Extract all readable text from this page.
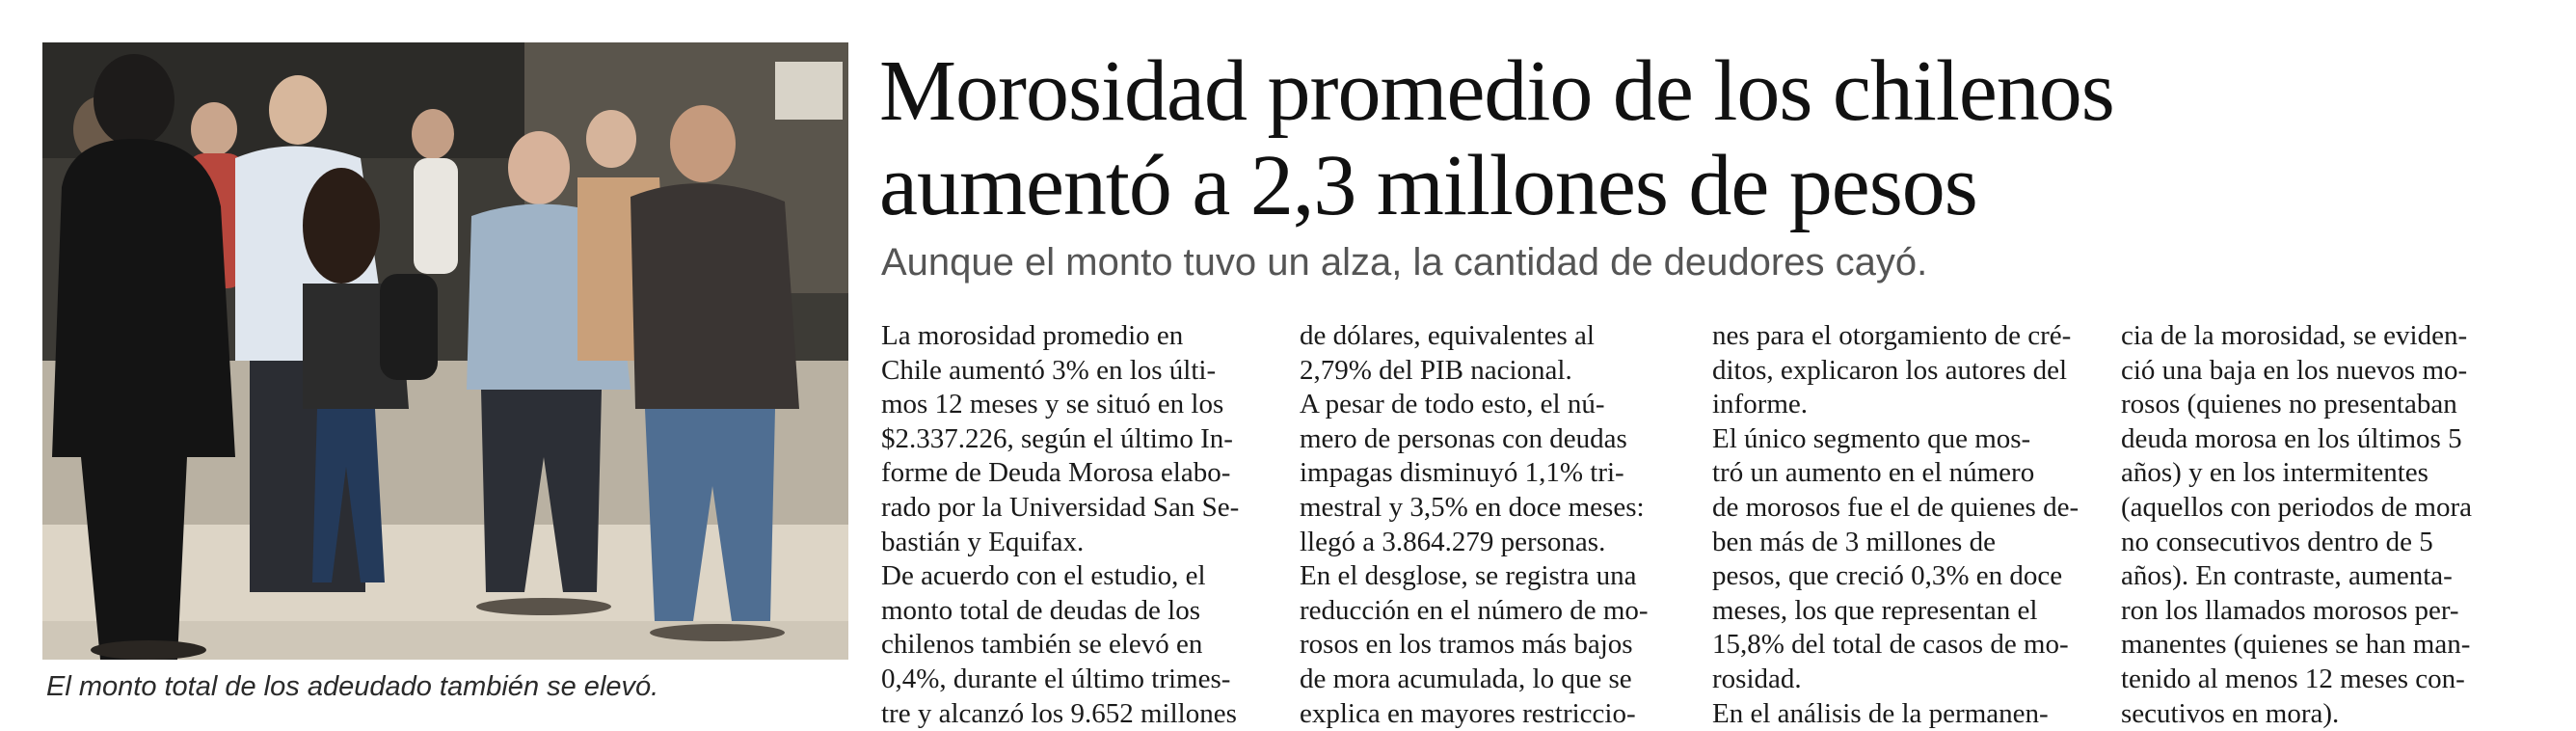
El monto total de los adeudado también se elevó.
Morosidad promedio de los chilenos
aumentó a 2,3 millones de pesos
Aunque el monto tuvo un alza, la cantidad de deudores cayó.
La morosidad promedio en
Chile aumentó 3% en los últi-
mos 12 meses y se situó en los
$2.337.226, según el último In-
forme de Deuda Morosa elabo-
rado por la Universidad San Se-
bastián y Equifax.
De acuerdo con el estudio, el
monto total de deudas de los
chilenos también se elevó en
0,4%, durante el último trimes-
tre y alcanzó los 9.652 millones
de dólares, equivalentes al
2,79% del PIB nacional.
A pesar de todo esto, el nú-
mero de personas con deudas
impagas disminuyó 1,1% tri-
mestral y 3,5% en doce meses:
llegó a 3.864.279 personas.
En el desglose, se registra una
reducción en el número de mo-
rosos en los tramos más bajos
de mora acumulada, lo que se
explica en mayores restriccio-
nes para el otorgamiento de cré-
ditos, explicaron los autores del
informe.
El único segmento que mos-
tró un aumento en el número
de morosos fue el de quienes de-
ben más de 3 millones de
pesos, que creció 0,3% en doce
meses, los que representan el
15,8% del total de casos de mo-
rosidad.
En el análisis de la permanen-
cia de la morosidad, se eviden-
ció una baja en los nuevos mo-
rosos (quienes no presentaban
deuda morosa en los últimos 5
años) y en los intermitentes
(aquellos con periodos de mora
no consecutivos dentro de 5
años). En contraste, aumenta-
ron los llamados morosos per-
manentes (quienes se han man-
tenido al menos 12 meses con-
secutivos en mora).
